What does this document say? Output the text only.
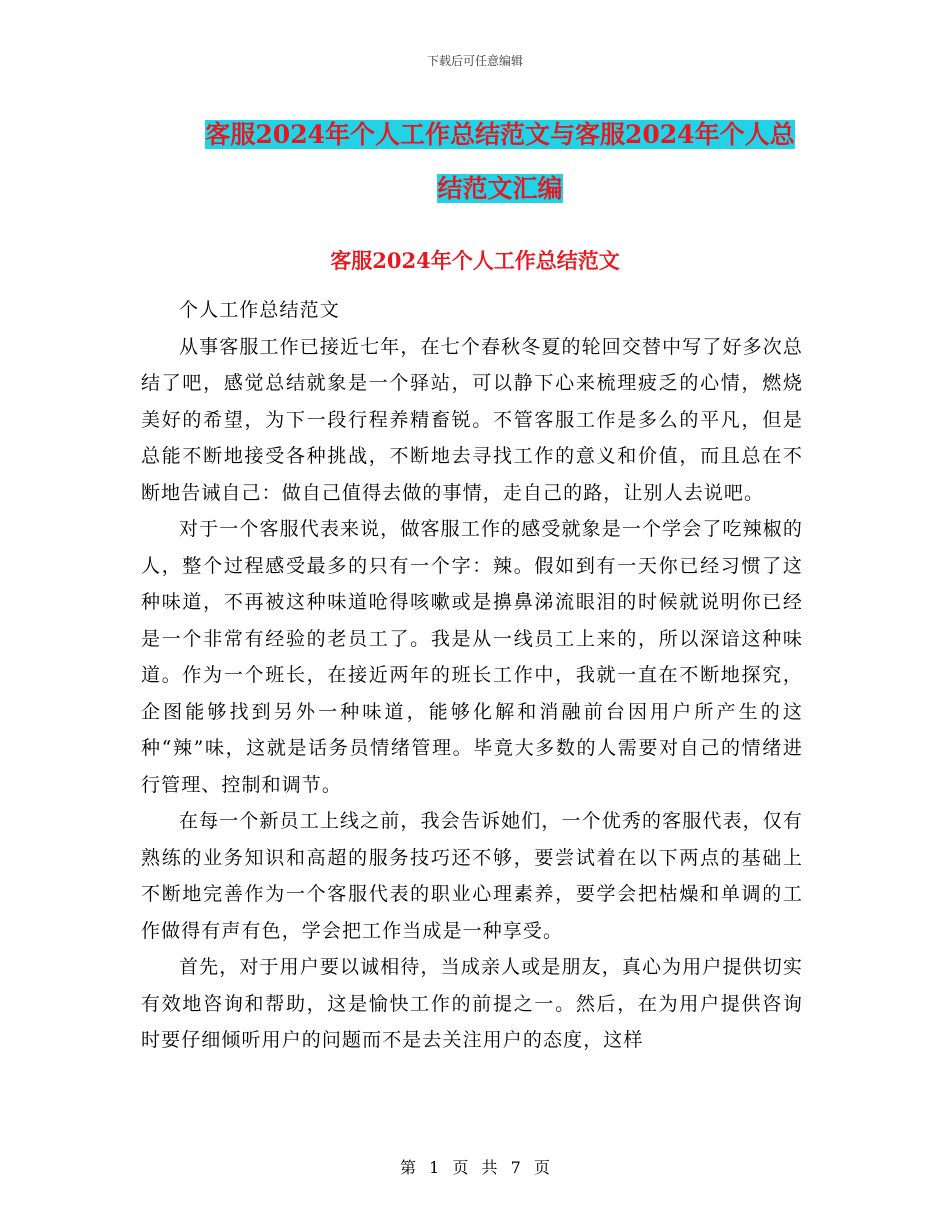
下载后可任意编辑
客服2024年个人工作总结范文与客服2024年个人总
结范文汇编
客服2024年个人工作总结范文

个人工作总结范文

从事客服工作已接近七年，在七个春秋冬夏的轮回交替中写了好多次总结了吧，感觉总结就象是一个驿站，可以静下心来梳理疲乏的心情，燃烧美好的希望，为下一段行程养精畜锐。不管客服工作是多么的平凡，但是总能不断地接受各种挑战，不断地去寻找工作的意义和价值，而且总在不断地告诫自己：做自己值得去做的事情，走自己的路，让别人去说吧。

对于一个客服代表来说，做客服工作的感受就象是一个学会了吃辣椒的人，整个过程感受最多的只有一个字：辣。假如到有一天你已经习惯了这种味道，不再被这种味道呛得咳嗽或是擤鼻涕流眼泪的时候就说明你已经是一个非常有经验的老员工了。我是从一线员工上来的，所以深谙这种味道。作为一个班长，在接近两年的班长工作中，我就一直在不断地探究，企图能够找到另外一种味道，能够化解和消融前台因用户所产生的这种“辣”味，这就是话务员情绪管理。毕竟大多数的人需要对自己的情绪进行管理、控制和调节。

在每一个新员工上线之前，我会告诉她们，一个优秀的客服代表，仅有熟练的业务知识和高超的服务技巧还不够，要尝试着在以下两点的基础上不断地完善作为一个客服代表的职业心理素养，要学会把枯燥和单调的工作做得有声有色，学会把工作当成是一种享受。

首先，对于用户要以诚相待，当成亲人或是朋友，真心为用户提供切实有效地咨询和帮助，这是愉快工作的前提之一。然后，在为用户提供咨询时要仔细倾听用户的问题而不是去关注用户的态度，这样

第 1 页 共 7 页
